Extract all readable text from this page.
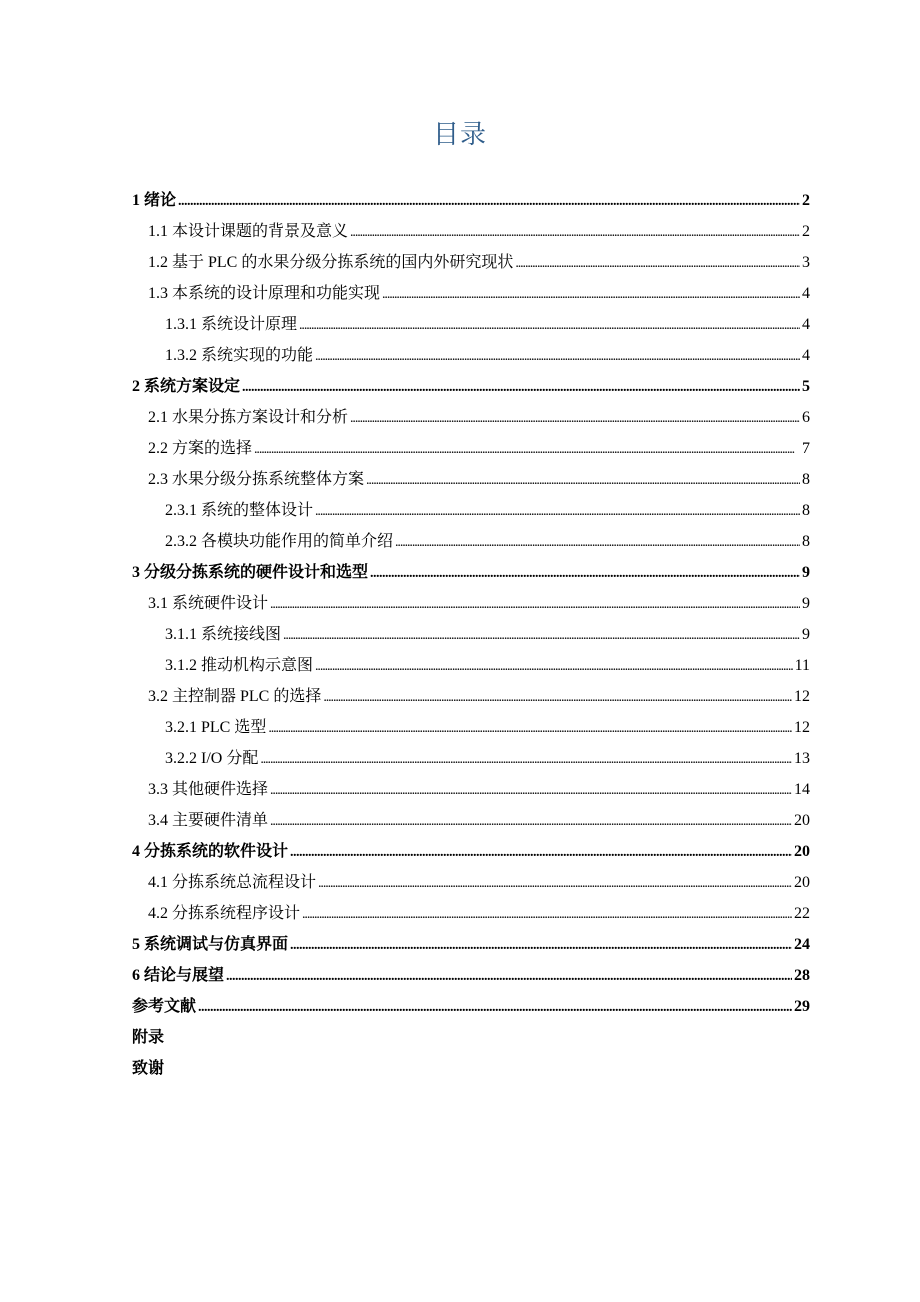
目录
1 绪论 . . .	2
1.1 本设计课题的背景及意义 . . .	2
1.2 基于 PLC 的水果分级分拣系统的国内外研究现状 . . .	3
1.3 本系统的设计原理和功能实现 . . .	4
1.3.1 系统设计原理 . . .	4
1.3.2 系统实现的功能 . . .	4
2 系统方案设定 . . .	5
2.1 水果分拣方案设计和分析 . . .	6
2.2 方案的选择 . . .	7
2.3 水果分级分拣系统整体方案 . . .	8
2.3.1 系统的整体设计 . . .	8
2.3.2 各模块功能作用的简单介绍 . . .	8
3 分级分拣系统的硬件设计和选型 . . .	9
3.1 系统硬件设计 . . .	9
3.1.1 系统接线图 . . .	9
3.1.2 推动机构示意图 . . .	11
3.2 主控制器 PLC 的选择 . . .	12
3.2.1 PLC 选型 . . .	12
3.2.2 I/O 分配 . . .	13
3.3 其他硬件选择 . . .	14
3.4 主要硬件清单 . . .	20
4 分拣系统的软件设计 . . .	20
4.1 分拣系统总流程设计 . . .	20
4.2 分拣系统程序设计 . . .	22
5 系统调试与仿真界面 . . .	24
6 结论与展望 . . .	28
参考文献 . . .	29
附录
致谢
